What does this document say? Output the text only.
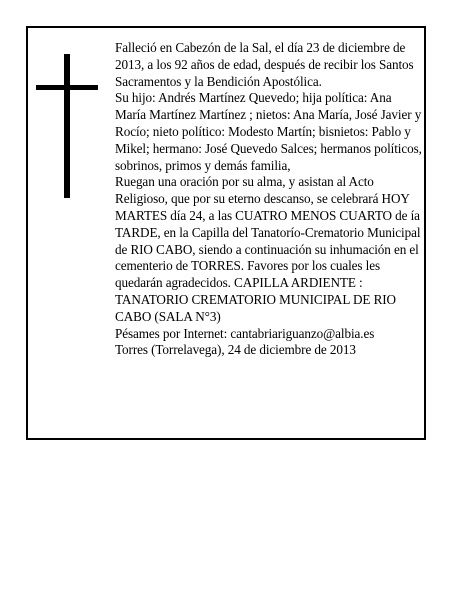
Falleció en Cabezón de la Sal, el día 23 de diciembre de 2013, a los 92 años de edad, después de recibir los Santos Sacramentos y la Bendición Apostólica.

Su hijo: Andrés Martínez Quevedo; hija política: Ana María Martínez Martínez ; nietos: Ana María, José Javier y Rocío; nieto político: Modesto Martín; bisnietos: Pablo y Mikel; hermano: José Quevedo Salces; hermanos políticos, sobrinos, primos y demás familia,

Ruegan una oración por su alma, y asistan al Acto Religioso, que por su eterno descanso, se celebrará HOY MARTES día 24, a las CUATRO MENOS CUARTO de ía TARDE, en la Capilla del Tanatorío-Crematorio Municipal de RIO CABO, siendo a continuación su inhumación en el cementerio de TORRES. Favores por los cuales les quedarán agradecidos. CAPILLA ARDIENTE : TANATORIO CREMATORIO MUNICIPAL DE RIO CABO (SALA N°3)

Pésames por Internet: cantabriariguanzo@albia.es

Torres (Torrelavega), 24 de diciembre de 2013
